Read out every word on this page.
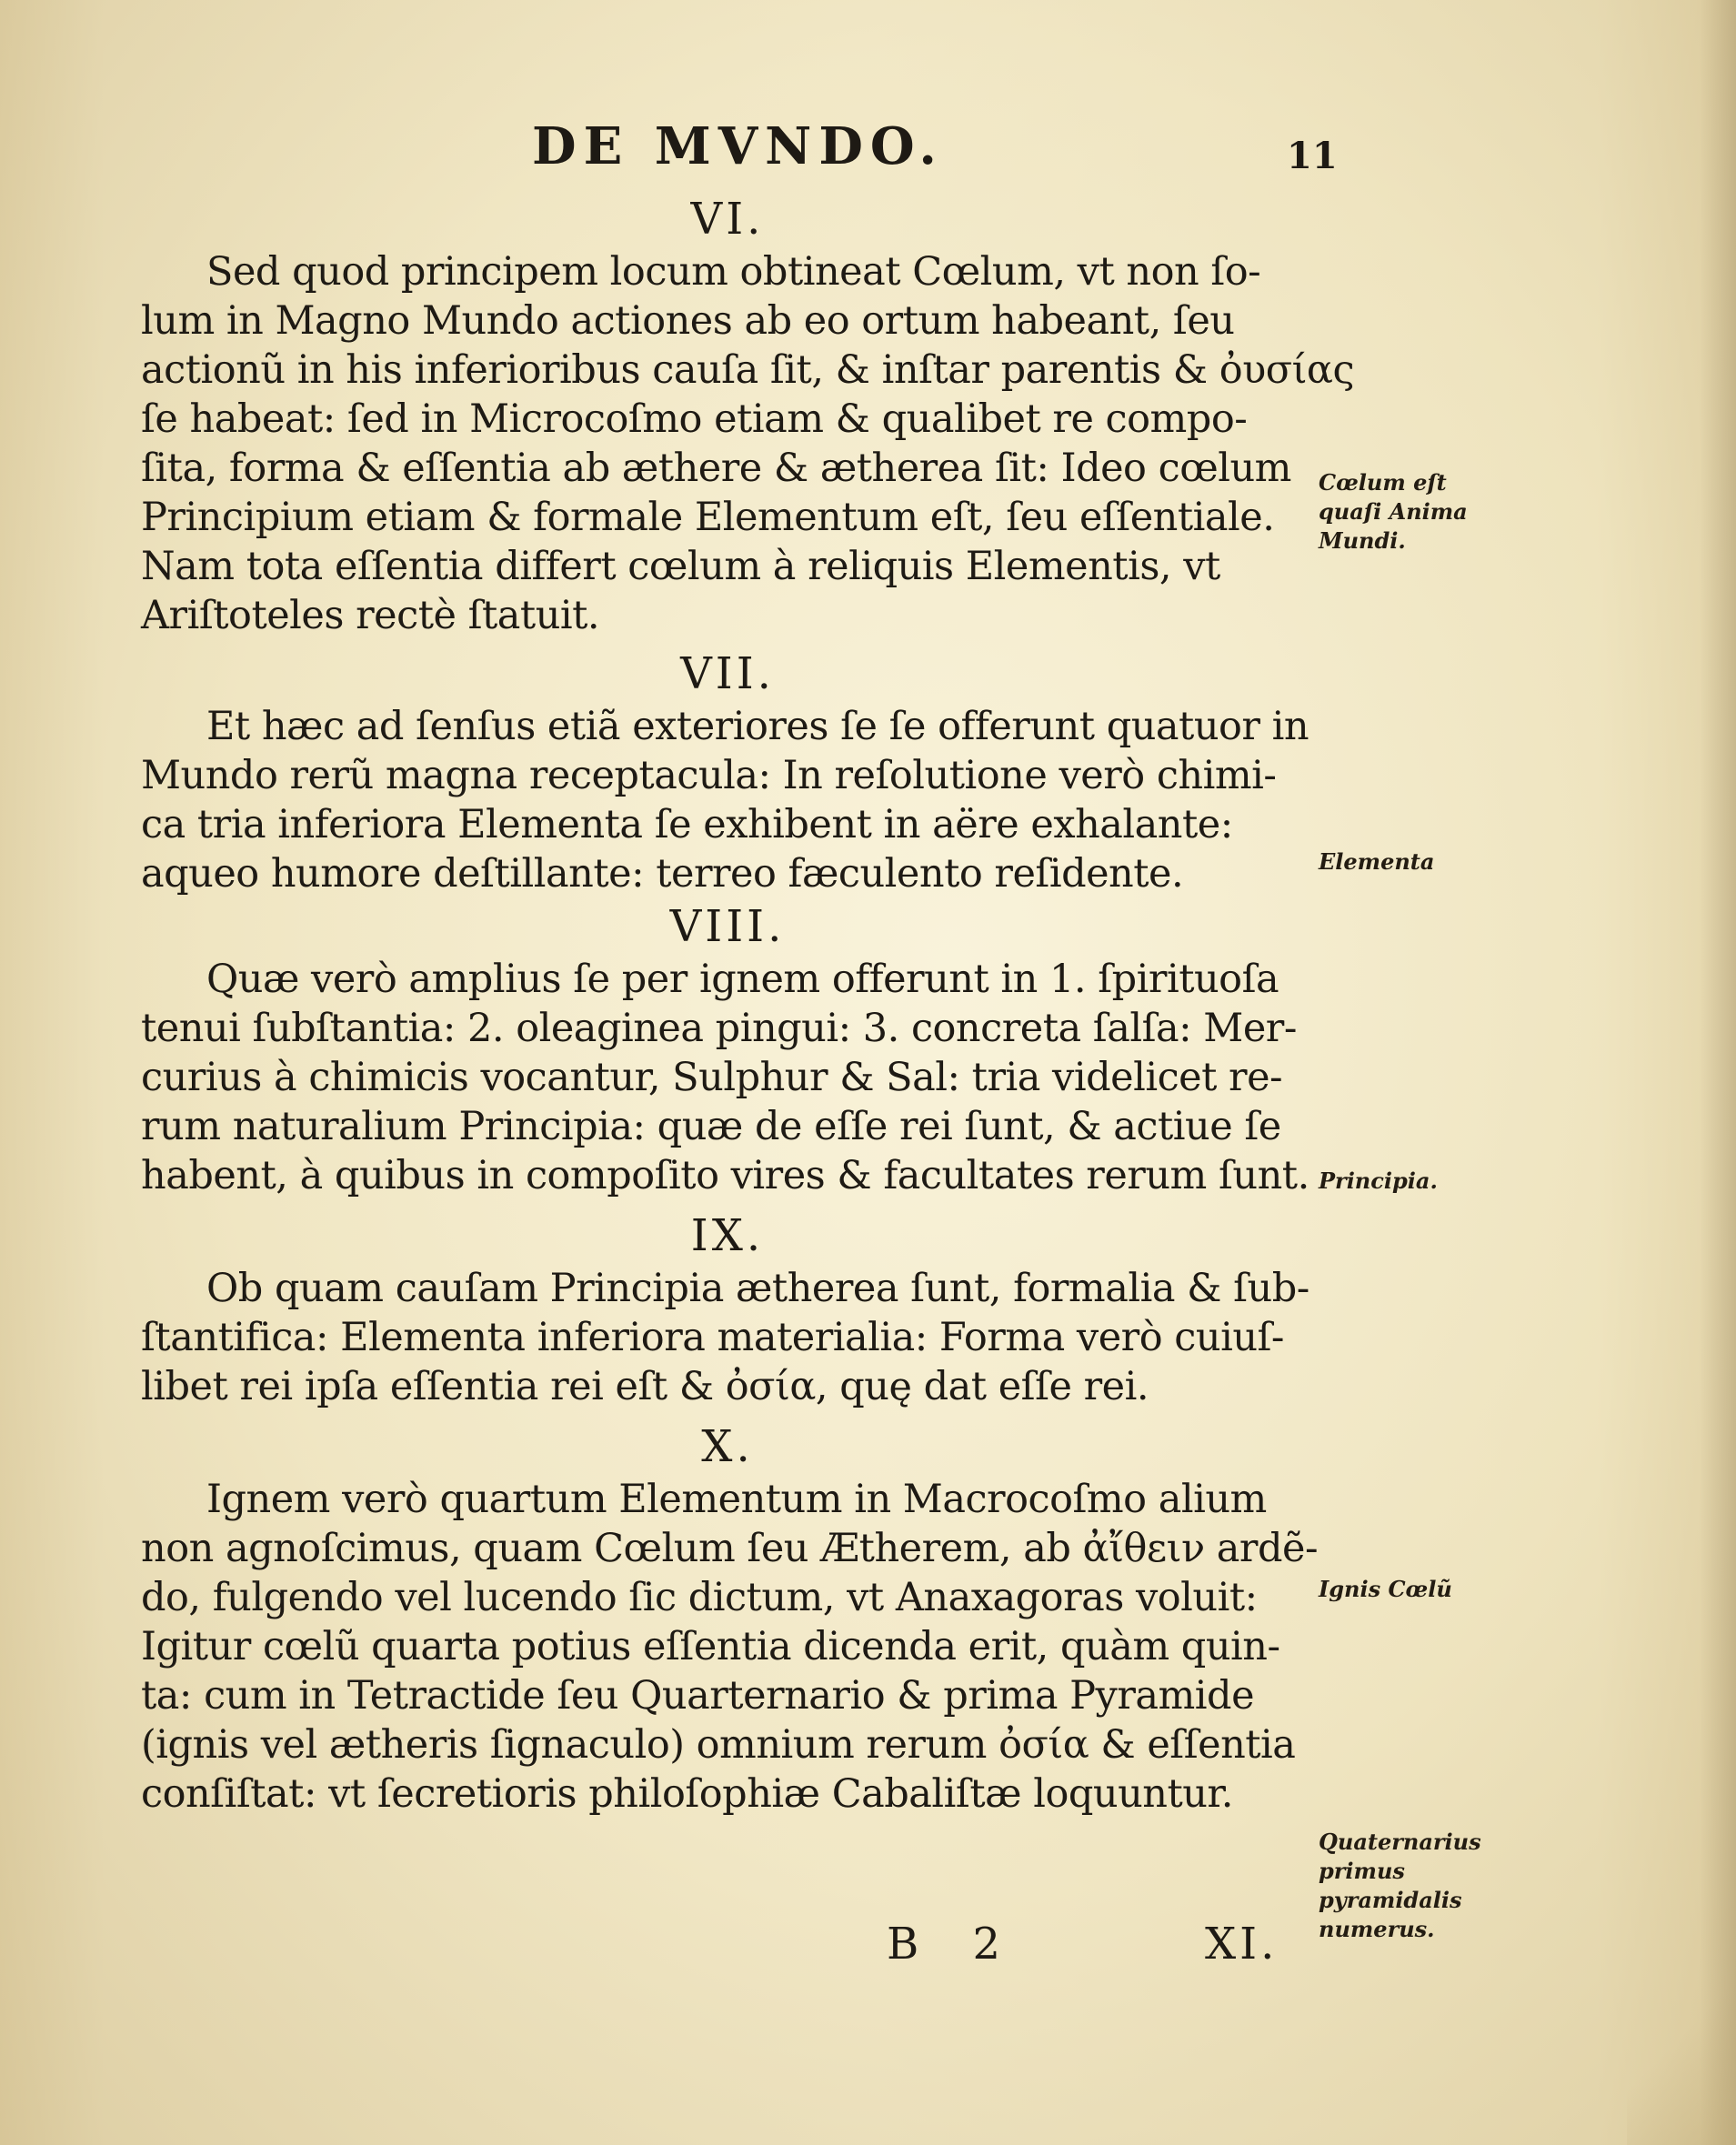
DE MVNDO.	11
VI.
Sed quod principem locum obtineat Cœlum, vt non ſo-
lum in Magno Mundo actiones ab eo ortum habeant, ſeu
actionũ in his inferioribus cauſa ſit, & inſtar parentis & ὀυσίας
ſe habeat: ſed in Microcoſmo etiam & qualibet re compo-
ſita, forma & eſſentia ab æthere & ætherea ſit: Ideo cœlum
Principium etiam & formale Elementum eſt, ſeu eſſentiale.
Nam tota eſſentia differt cœlum à reliquis Elementis, vt
Ariſtoteles rectè ſtatuit.
VII.
Et hæc ad ſenſus etiã exteriores ſe ſe offerunt quatuor in
Mundo rerũ magna receptacula: In reſolutione verò chimi-
ca tria inferiora Elementa ſe exhibent in aëre exhalante:
aqueo humore deſtillante: terreo fæculento reſidente.
VIII.
Quæ verò amplius ſe per ignem offerunt in 1. ſpirituoſa
tenui ſubſtantia: 2. oleaginea pingui: 3. concreta ſalſa: Mer-
curius à chimicis vocantur, Sulphur & Sal: tria videlicet re-
rum naturalium Principia: quæ de eſſe rei ſunt, & actiue ſe
habent, à quibus in compoſito vires & facultates rerum ſunt.
IX.
Ob quam cauſam Principia ætherea ſunt, formalia & ſub-
ſtantifica: Elementa inferiora materialia: Forma verò cuiuſ-
libet rei ipſa eſſentia rei eſt & ὀσία, quę dat eſſe rei.
X.
Ignem verò quartum Elementum in Macrocoſmo alium
non agnoſcimus, quam Cœlum ſeu Ætherem, ab ἀἴθειν ardẽ-
do, fulgendo vel lucendo ſic dictum, vt Anaxagoras voluit:
Igitur cœlũ quarta potius eſſentia dicenda erit, quàm quin-
ta: cum in Tetractide ſeu Quarternario & prima Pyramide
(ignis vel ætheris ſignaculo) omnium rerum ὀσία & eſſentia
conſiſtat: vt ſecretioris philoſophiæ Cabaliſtæ loquuntur.
Cœlum eſt quaſi Anima Mundi.
Elementa
Principia.
Ignis Cœlũ
Quaternarius primus pyramidalis numerus.
B 2	XI.
